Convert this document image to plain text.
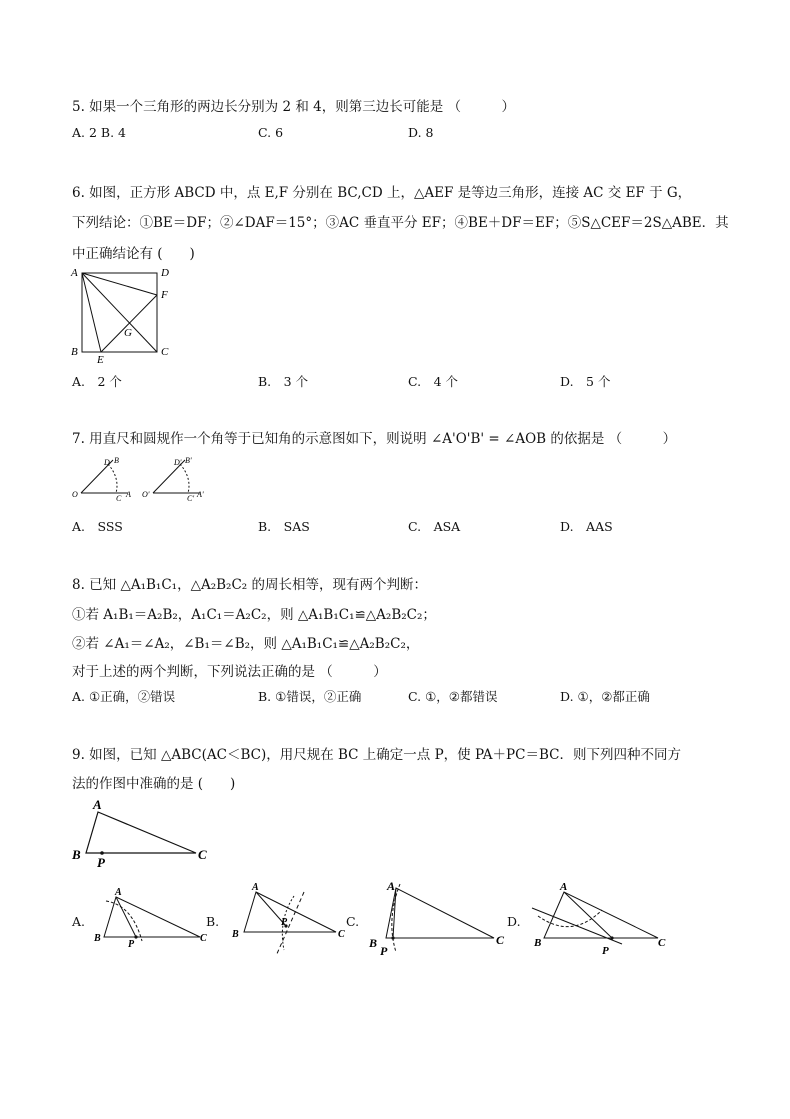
5. 如果一个三角形的两边长分别为 2 和 4，则第三边长可能是 （　　　）
A. 2 B. 4	C. 6	D. 8
6. 如图，正方形 ABCD 中，点 E,F 分别在 BC,CD 上，△AEF 是等边三角形，连接 AC 交 EF 于 G，
下列结论：①BE＝DF；②∠DAF＝15°；③AC 垂直平分 EF；④BE＋DF＝EF；⑤S△CEF＝2S△ABE．其
中正确结论有 (　　)
A	D
F
G
B
E
C
A.　2 个	B.　3 个	C.　4 个	D.　5 个
7. 用直尺和圆规作一个角等于已知角的示意图如下，则说明 ∠A'O'B' = ∠AOB 的依据是 （　　　）
D B
O	C A
D' B'
O'	C' A'
A.　SSS	B.　SAS	C.　ASA	D.　AAS
8. 已知 △A₁B₁C₁，△A₂B₂C₂ 的周长相等，现有两个判断：
①若 A₁B₁＝A₂B₂，A₁C₁＝A₂C₂，则 △A₁B₁C₁≌△A₂B₂C₂；
②若 ∠A₁＝∠A₂，∠B₁＝∠B₂，则 △A₁B₁C₁≌△A₂B₂C₂，
对于上述的两个判断，下列说法正确的是 （　　　）
A. ①正确，②错误	B. ①错误，②正确	C. ①，②都错误	D. ①，②都正确
9. 如图，已知 △ABC(AC＜BC)，用尺规在 BC 上确定一点 P，使 PA＋PC＝BC．则下列四种不同方
法的作图中准确的是 (　　)
A
B
P
C
A.
A
B
P
C
B.
A
B
P
C
C.
A
B
P
C
D.
A
B
P
C
